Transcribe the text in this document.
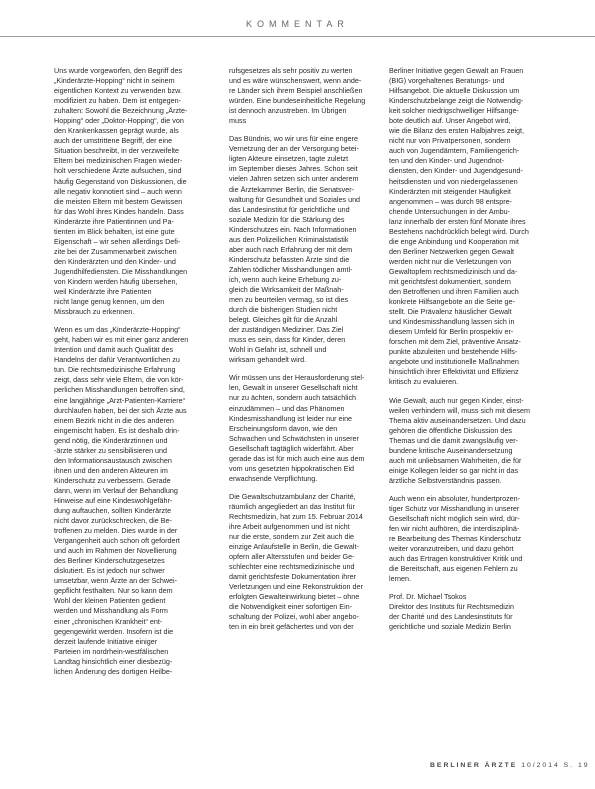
KOMMENTAR
Uns wurde vorgeworfen, den Begriff des
„Kinderärzte-Hopping“ nicht in seinem
eigentlichen Kontext zu verwenden bzw.
modifiziert zu haben. Dem ist entgegen-
zuhalten: Sowohl die Bezeichnung „Ärzte-
Hopping“ oder „Doktor-Hopping“, die von
den Krankenkassen geprägt wurde, als
auch der umstrittene Begriff, der eine
Situation beschreibt, in der verzweifelte
Eltern bei medizinischen Fragen wieder-
holt verschiedene Ärzte aufsuchen, sind
häufig Gegenstand von Diskussionen, die
alle negativ konnotiert sind – auch wenn
die meisten Eltern mit bestem Gewissen
für das Wohl ihres Kindes handeln. Dass
Kinderärzte ihre Patientinnen und Pa-
tienten im Blick behalten, ist eine gute
Eigenschaft – wir sehen allerdings Defi-
zite bei der Zusammenarbeit zwischen
den Kinderärzten und den Kinder- und
Jugendhilfediensten. Die Misshandlungen
von Kindern werden häufig übersehen,
weil Kinderärzte ihre Patienten
nicht lange genug kennen, um den
Missbrauch zu erkennen.
Wenn es um das „Kinderärzte-Hopping“
geht, haben wir es mit einer ganz anderen
Intention und damit auch Qualität des
Handelns der dafür Verantwortlichen zu
tun. Die rechtsmedizinische Erfahrung
zeigt, dass sehr viele Eltern, die von kör-
perlichen Misshandlungen betroffen sind,
eine langjährige „Arzt-Patienten-Karriere“
durchlaufen haben, bei der sich Ärzte aus
einem Bezirk nicht in die des anderen
eingemischt haben. Es ist deshalb drin-
gend nötig, die Kinderärztinnen und
-ärzte stärker zu sensibilisieren und
den Informationsaustausch zwischen
ihnen und den anderen Akteuren im
Kinderschutz zu verbessern. Gerade
dann, wenn im Verlauf der Behandlung
Hinweise auf eine Kindeswohlgefähr-
dung auftauchen, sollten Kinderärzte
nicht davor zurückschrecken, die Be-
troffenen zu melden. Dies wurde in der
Vergangenheit auch schon oft gefordert
und auch im Rahmen der Novellierung
des Berliner Kinderschutzgesetzes
diskutiert. Es ist jedoch nur schwer
umsetzbar, wenn Ärzte an der Schwei-
gepflicht festhalten. Nur so kann dem
Wohl der kleinen Patienten gedient
werden und Misshandlung als Form
einer „chronischen Krankheit“ ent-
gegengewirkt werden. Insofern ist die
derzeit laufende Initiative einiger
Parteien im nordrhein-westfälischen
Landtag hinsichtlich einer diesbezüg-
lichen Änderung des dortigen Heilbe-
rufsgesetzes als sehr positiv zu werten
und es wäre wünschenswert, wenn ande-
re Länder sich ihrem Beispiel anschließen
würden. Eine bundeseinheitliche Regelung
ist dennoch anzustreben. Im Übrigen
muss
Das Bündnis, wo wir uns für eine engere
Vernetzung der an der Versorgung betei-
ligten Akteure einsetzen, tagte zuletzt
im September dieses Jahres. Schon seit
vielen Jahren setzen sich unter anderem
die Ärztekammer Berlin, die Senatsver-
waltung für Gesundheit und Soziales und
das Landesinstitut für gerichtliche und
soziale Medizin für die Stärkung des
Kinderschutzes ein. Nach Informationen
aus den Polizeilichen Kriminalstatistik
aber auch nach Erfahrung der mit dem
Kinderschutz befassten Ärzte sind die
Zahlen tödlicher Misshandlungen amtl-
ich, wenn auch keine Erhebung zu-
gleich die Wirksamkeit der Maßnah-
men zu beurteilen vermag, so ist dies
durch die bisherigen Studien nicht
belegt. Gleiches gilt für die Anzahl
der zuständigen Mediziner. Das Ziel
muss es sein, dass für Kinder, deren
Wohl in Gefahr ist, schnell und
wirksam gehandelt wird.
Wir müssen uns der Herausforderung stel-
len, Gewalt in unserer Gesellschaft nicht
nur zu ächten, sondern auch tatsächlich
einzudämmen – und das Phänomen
Kindesmisshandlung ist leider nur eine
Erscheinungsform davon, wie den
Schwachen und Schwächsten in unserer
Gesellschaft tagtäglich widerfährt. Aber
gerade das ist für mich auch eine aus dem
vom uns gesetzten hippokratischen Eid
erwachsende Verpflichtung.
Die Gewaltschutzambulanz der Charité,
räumlich angegliedert an das Institut für
Rechtsmedizin, hat zum 15. Februar 2014
ihre Arbeit aufgenommen und ist nicht
nur die erste, sondern zur Zeit auch die
einzige Anlaufstelle in Berlin, die Gewalt-
opfern aller Altersstufen und beider Ge-
schlechter eine rechtsmedizinische und
damit gerichtsfeste Dokumentation ihrer
Verletzungen und eine Rekonstruktion der
erfolgten Gewalteinwirkung bietet – ohne
die Notwendigkeit einer sofortigen Ein-
schaltung der Polizei, wohl aber angebo-
ten in ein breit gefächertes und von der
Berliner Initiative gegen Gewalt an Frauen
(BIG) vorgehaltenes Beratungs- und
Hilfsangebot. Die aktuelle Diskussion um
Kinderschutzbelange zeigt die Notwendig-
keit solcher niedrigschwelliger Hilfsange-
bote deutlich auf. Unser Angebot wird,
wie die Bilanz des ersten Halbjahres zeigt,
nicht nur von Privatpersonen, sondern
auch von Jugendämtern, Familiengerich-
ten und den Kinder- und Jugendnot-
diensten, den Kinder- und Jugendgesund-
heitsdiensten und von niedergelassenen
Kinderärzten mit steigender Häufigkeit
angenommen – was durch 98 entspre-
chende Untersuchungen in der Ambu-
lanz innerhalb der ersten fünf Monate ihres
Bestehens nachdrücklich belegt wird. Durch
die enge Anbindung und Kooperation mit
den Berliner Netzwerken gegen Gewalt
werden nicht nur die Verletzungen von
Gewaltopfern rechtsmedizinisch und da-
mit gerichtsfest dokumentiert, sondern
den Betroffenen und ihren Familien auch
konkrete Hilfsangebote an die Seite ge-
stellt. Die Prävalenz häuslicher Gewalt
und Kindesmisshandlung lassen sich in
diesem Umfeld für Berlin prospektiv er-
forschen mit dem Ziel, präventive Ansatz-
punkte abzuleiten und bestehende Hilfs-
angebote und institutionelle Maßnahmen
hinsichtlich ihrer Effektivität und Effizienz
kritisch zu evaluieren.
Wie Gewalt, auch nur gegen Kinder, einst-
weilen verhindern will, muss sich mit diesem
Thema aktiv auseinandersetzen. Und dazu
gehören die öffentliche Diskussion des
Themas und die damit zwangsläufig ver-
bundene kritische Auseinandersetzung
auch mit unliebsamen Wahrheiten, die für
einige Kollegen leider so gar nicht in das
ärztliche Selbstverständnis passen.
Auch wenn ein absoluter, hundertprozen-
tiger Schutz vor Misshandlung in unserer
Gesellschaft nicht möglich sein wird, dür-
fen wir nicht aufhören, die interdisziplinä-
re Bearbeitung des Themas Kinderschutz
weiter voranzutreiben, und dazu gehört
auch das Ertragen konstruktiver Kritik und
die Bereitschaft, aus eigenen Fehlern zu
lernen.
Prof. Dr. Michael Tsokos
Direktor des Instituts für Rechtsmedizin
der Charité und des Landesinstituts für
gerichtliche und soziale Medizin Berlin
BERLINER ÄRZTE 10/2014 S. 19
